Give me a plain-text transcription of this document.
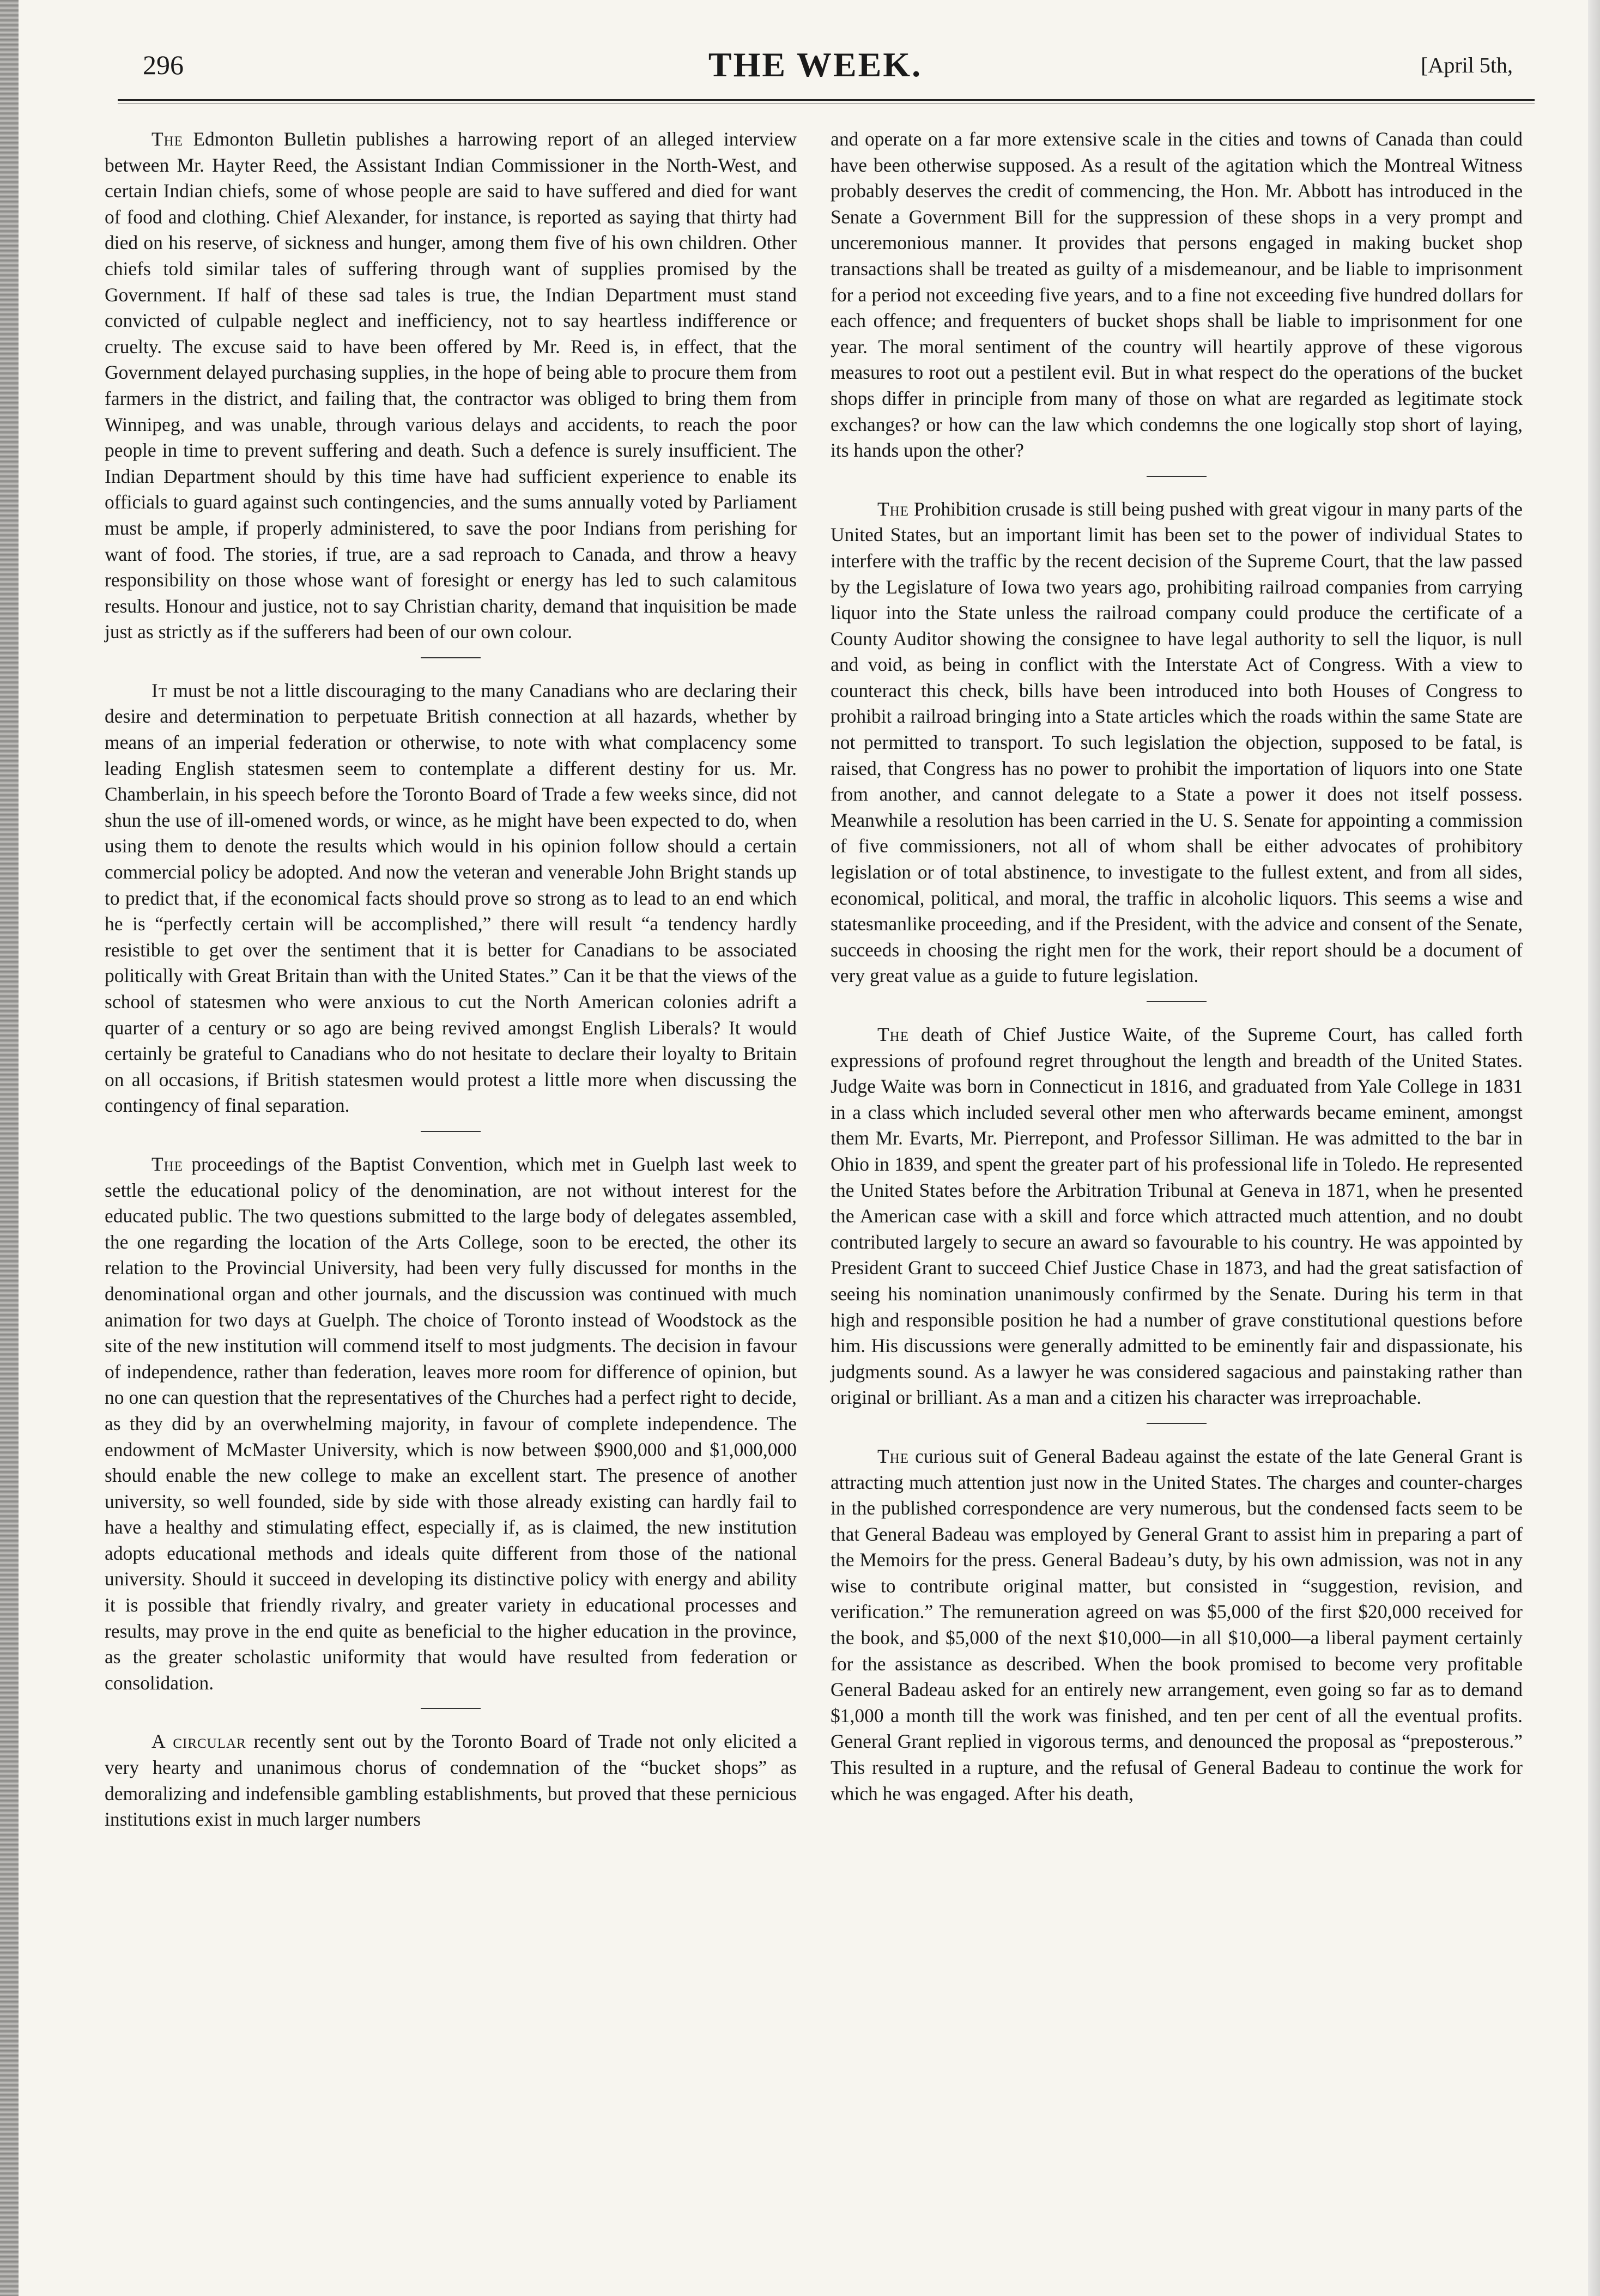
296	THE WEEK.	[April 5th,

The Edmonton Bulletin publishes a harrowing report of an alleged interview between Mr. Hayter Reed, the Assistant Indian Commissioner in the North-West, and certain Indian chiefs, some of whose people are said to have suffered and died for want of food and clothing. Chief Alexander, for instance, is reported as saying that thirty had died on his reserve, of sickness and hunger, among them five of his own children. Other chiefs told similar tales of suffering through want of supplies promised by the Government. If half of these sad tales is true, the Indian Department must stand convicted of culpable neglect and inefficiency, not to say heartless indifference or cruelty. The excuse said to have been offered by Mr. Reed is, in effect, that the Government delayed purchasing supplies, in the hope of being able to procure them from farmers in the district, and failing that, the contractor was obliged to bring them from Winnipeg, and was unable, through various delays and accidents, to reach the poor people in time to prevent suffering and death. Such a defence is surely insufficient. The Indian Department should by this time have had sufficient experience to enable its officials to guard against such contingencies, and the sums annually voted by Parliament must be ample, if properly administered, to save the poor Indians from perishing for want of food. The stories, if true, are a sad reproach to Canada, and throw a heavy responsibility on those whose want of foresight or energy has led to such calamitous results. Honour and justice, not to say Christian charity, demand that inquisition be made just as strictly as if the sufferers had been of our own colour.

It must be not a little discouraging to the many Canadians who are declaring their desire and determination to perpetuate British connection at all hazards, whether by means of an imperial federation or otherwise, to note with what complacency some leading English statesmen seem to contemplate a different destiny for us. Mr. Chamberlain, in his speech before the Toronto Board of Trade a few weeks since, did not shun the use of ill-omened words, or wince, as he might have been expected to do, when using them to denote the results which would in his opinion follow should a certain commercial policy be adopted. And now the veteran and venerable John Bright stands up to predict that, if the economical facts should prove so strong as to lead to an end which he is “perfectly certain will be accomplished,” there will result “a tendency hardly resistible to get over the sentiment that it is better for Canadians to be associated politically with Great Britain than with the United States.” Can it be that the views of the school of statesmen who were anxious to cut the North American colonies adrift a quarter of a century or so ago are being revived amongst English Liberals? It would certainly be grateful to Canadians who do not hesitate to declare their loyalty to Britain on all occasions, if British statesmen would protest a little more when discussing the contingency of final separation.

The proceedings of the Baptist Convention, which met in Guelph last week to settle the educational policy of the denomination, are not without interest for the educated public. The two questions submitted to the large body of delegates assembled, the one regarding the location of the Arts College, soon to be erected, the other its relation to the Provincial University, had been very fully discussed for months in the denominational organ and other journals, and the discussion was continued with much animation for two days at Guelph. The choice of Toronto instead of Woodstock as the site of the new institution will commend itself to most judgments. The decision in favour of independence, rather than federation, leaves more room for difference of opinion, but no one can question that the representatives of the Churches had a perfect right to decide, as they did by an overwhelming majority, in favour of complete independence. The endowment of McMaster University, which is now between $900,000 and $1,000,000 should enable the new college to make an excellent start. The presence of another university, so well founded, side by side with those already existing can hardly fail to have a healthy and stimulating effect, especially if, as is claimed, the new institution adopts educational methods and ideals quite different from those of the national university. Should it succeed in developing its distinctive policy with energy and ability it is possible that friendly rivalry, and greater variety in educational processes and results, may prove in the end quite as beneficial to the higher education in the province, as the greater scholastic uniformity that would have resulted from federation or consolidation.

A circular recently sent out by the Toronto Board of Trade not only elicited a very hearty and unanimous chorus of condemnation of the “bucket shops” as demoralizing and indefensible gambling establishments, but proved that these pernicious institutions exist in much larger numbers

and operate on a far more extensive scale in the cities and towns of Canada than could have been otherwise supposed. As a result of the agitation which the Montreal Witness probably deserves the credit of commencing, the Hon. Mr. Abbott has introduced in the Senate a Government Bill for the suppression of these shops in a very prompt and unceremonious manner. It provides that persons engaged in making bucket shop transactions shall be treated as guilty of a misdemeanour, and be liable to imprisonment for a period not exceeding five years, and to a fine not exceeding five hundred dollars for each offence; and frequenters of bucket shops shall be liable to imprisonment for one year. The moral sentiment of the country will heartily approve of these vigorous measures to root out a pestilent evil. But in what respect do the operations of the bucket shops differ in principle from many of those on what are regarded as legitimate stock exchanges? or how can the law which condemns the one logically stop short of laying, its hands upon the other?

The Prohibition crusade is still being pushed with great vigour in many parts of the United States, but an important limit has been set to the power of individual States to interfere with the traffic by the recent decision of the Supreme Court, that the law passed by the Legislature of Iowa two years ago, prohibiting railroad companies from carrying liquor into the State unless the railroad company could produce the certificate of a County Auditor showing the consignee to have legal authority to sell the liquor, is null and void, as being in conflict with the Interstate Act of Congress. With a view to counteract this check, bills have been introduced into both Houses of Congress to prohibit a railroad bringing into a State articles which the roads within the same State are not permitted to transport. To such legislation the objection, supposed to be fatal, is raised, that Congress has no power to prohibit the importation of liquors into one State from another, and cannot delegate to a State a power it does not itself possess. Meanwhile a resolution has been carried in the U. S. Senate for appointing a commission of five commissioners, not all of whom shall be either advocates of prohibitory legislation or of total abstinence, to investigate to the fullest extent, and from all sides, economical, political, and moral, the traffic in alcoholic liquors. This seems a wise and statesmanlike proceeding, and if the President, with the advice and consent of the Senate, succeeds in choosing the right men for the work, their report should be a document of very great value as a guide to future legislation.

The death of Chief Justice Waite, of the Supreme Court, has called forth expressions of profound regret throughout the length and breadth of the United States. Judge Waite was born in Connecticut in 1816, and graduated from Yale College in 1831 in a class which included several other men who afterwards became eminent, amongst them Mr. Evarts, Mr. Pierrepont, and Professor Silliman. He was admitted to the bar in Ohio in 1839, and spent the greater part of his professional life in Toledo. He represented the United States before the Arbitration Tribunal at Geneva in 1871, when he presented the American case with a skill and force which attracted much attention, and no doubt contributed largely to secure an award so favourable to his country. He was appointed by President Grant to succeed Chief Justice Chase in 1873, and had the great satisfaction of seeing his nomination unanimously confirmed by the Senate. During his term in that high and responsible position he had a number of grave constitutional questions before him. His discussions were generally admitted to be eminently fair and dispassionate, his judgments sound. As a lawyer he was considered sagacious and painstaking rather than original or brilliant. As a man and a citizen his character was irreproachable.

The curious suit of General Badeau against the estate of the late General Grant is attracting much attention just now in the United States. The charges and counter-charges in the published correspondence are very numerous, but the condensed facts seem to be that General Badeau was employed by General Grant to assist him in preparing a part of the Memoirs for the press. General Badeau’s duty, by his own admission, was not in any wise to contribute original matter, but consisted in “suggestion, revision, and verification.” The remuneration agreed on was $5,000 of the first $20,000 received for the book, and $5,000 of the next $10,000—in all $10,000—a liberal payment certainly for the assistance as described. When the book promised to become very profitable General Badeau asked for an entirely new arrangement, even going so far as to demand $1,000 a month till the work was finished, and ten per cent of all the eventual profits. General Grant replied in vigorous terms, and denounced the proposal as “preposterous.” This resulted in a rupture, and the refusal of General Badeau to continue the work for which he was engaged. After his death,
